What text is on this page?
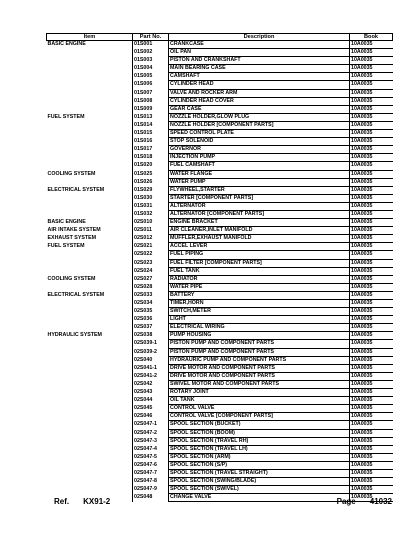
Item	Part No.	Description	Book
BASIC ENGINE	01S001	CRANKCASE	10A0035
	01S002	OIL PAN	10A0035
	01S003	PISTON AND CRANKSHAFT	10A0035
	01S004	MAIN BEARING CASE	10A0035
	01S005	CAMSHAFT	10A0035
	01S006	CYLINDER HEAD	10A0035
	01S007	VALVE AND ROCKER ARM	10A0035
	01S008	CYLINDER HEAD COVER	10A0035
	01S009	GEAR CASE	10A0035
FUEL SYSTEM	01S013	NOZZLE HOLDER,GLOW PLUG	10A0035
	01S014	NOZZLE HOLDER [COMPONENT PARTS]	10A0035
	01S015	SPEED CONTROL PLATE	10A0035
	01S016	STOP SOLENOID	10A0035
	01S017	GOVERNOR	10A0035
	01S018	INJECTION PUMP	10A0035
	01S020	FUEL CAMSHAFT	10A0035
COOLING SYSTEM	01S025	WATER FLANGE	10A0035
	01S026	WATER PUMP	10A0035
ELECTRICAL SYSTEM	01S029	FLYWHEEL,STARTER	10A0035
	01S030	STARTER [COMPONENT PARTS]	10A0035
	01S031	ALTERNATOR	10A0035
	01S032	ALTERNATOR [COMPONENT PARTS]	10A0035
BASIC ENGINE	02S010	ENGINE BRACKET	10A0035
AIR INTAKE SYSTEM	02S011	AIR CLEANER,INLET MANIFOLD	10A0035
EXHAUST SYSTEM	02S012	MUFFLER,EXHAUST MANIFOLD	10A0035
FUEL SYSTEM	02S021	ACCEL LEVER	10A0035
	02S022	FUEL PIPING	10A0035
	02S023	FUEL FILTER [COMPONENT PARTS]	10A0035
	02S024	FUEL TANK	10A0035
COOLING SYSTEM	02S027	RADIATOR	10A0035
	02S028	WATER PIPE	10A0035
ELECTRICAL SYSTEM	02S033	BATTERY	10A0035
	02S034	TIMER,HORN	10A0035
	02S035	SWITCH,METER	10A0035
	02S036	LIGHT	10A0035
	02S037	ELECTRICAL WIRING	10A0035
HYDRAULIC SYSTEM	02S038	PUMP HOUSING	10A0035
	02S039-1	PISTON PUMP AND COMPONENT PARTS	10A0035
	02S039-2	PISTON PUMP AND COMPONENT PARTS	10A0035
	02S040	HYDRAURIC PUMP AND COMPONENT PARTS	10A0035
	02S041-1	DRIVE MOTOR AND COMPONENT PARTS	10A0035
	02S041-2	DRIVE MOTOR AND COMPONENT PARTS	10A0035
	02S042	SWIVEL MOTOR AND COMPONENT PARTS	10A0035
	02S043	ROTARY JOINT	10A0035
	02S044	OIL TANK	10A0035
	02S045	CONTROL VALVE	10A0035
	02S046	CONTROL VALVE [COMPONENT PARTS]	10A0035
	02S047-1	SPOOL SECTION (BUCKET)	10A0035
	02S047-2	SPOOL SECTION (BOOM)	10A0035
	02S047-3	SPOOL SECTION (TRAVEL RH)	10A0035
	02S047-4	SPOOL SECTION (TRAVEL LH)	10A0035
	02S047-5	SPOOL SECTION (ARM)	10A0035
	02S047-6	SPOOL SECTION (S/P)	10A0035
	02S047-7	SPOOL SECTION (TRAVEL STRAIGHT)	10A0035
	02S047-8	SPOOL SECTION (SWING/BLADE)	10A0035
	02S047-9	SPOOL SECTION (SWIVEL)	10A0035
	02S048	CHANGE VALVE	10A0035
Ref. KX91-2	Page 41032
